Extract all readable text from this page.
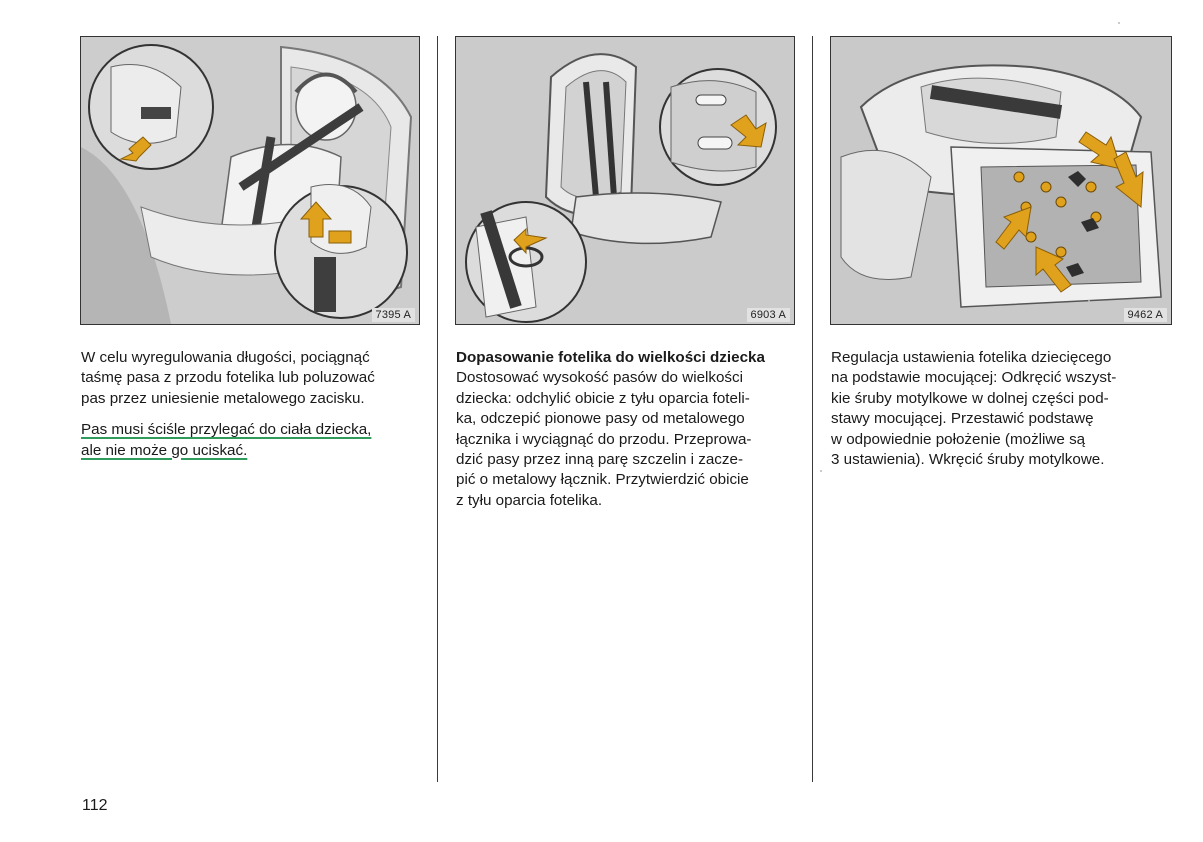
7395 A	6903 A	9462 A

W celu wyregulowania długości, pociągnąć

taśmę pasa z przodu fotelika lub poluzować

pas przez uniesienie metalowego zacisku.

Pas musi ściśle przylegać do ciała dziecka,

ale nie może go uciskać.

Dopasowanie fotelika do wielkości dziecka

Dostosować wysokość pasów do wielkości

dziecka: odchylić obicie z tyłu oparcia foteli-

ka, odczepić pionowe pasy od metalowego

łącznika i wyciągnąć do przodu. Przeprowa-

dzić pasy przez inną parę szczelin i zacze-

pić o metalowy łącznik. Przytwierdzić obicie

z tyłu oparcia fotelika.

Regulacja ustawienia fotelika dziecięcego

na podstawie mocującej: Odkręcić wszyst-

kie śruby motylkowe w dolnej części pod-

stawy mocującej. Przestawić podstawę

w odpowiednie położenie (możliwe są

3 ustawienia). Wkręcić śruby motylkowe.

112
